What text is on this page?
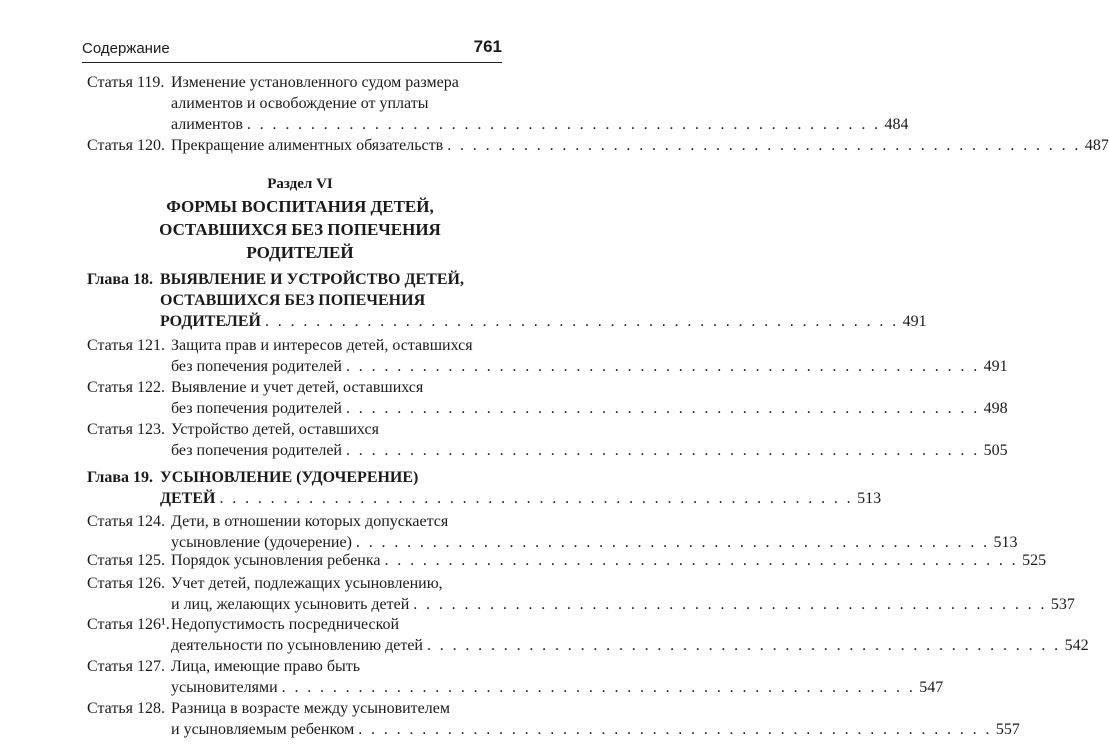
Содержание	761
Статья 119. Изменение установленного судом размера
алиментов и освобождение от уплаты
алиментов . . . . . . . . . . . . . . . . . . . . . . . . . . . . . . . . . . . . . . . . . . . . . . . . . . 484
Статья 120. Прекращение алиментных обязательств . . . . . . . . . . . . . . . . . . . . . . . . . . . . . . . . . . . . . . . . . . . . . . . . . . 487
Раздел VI
ФОРМЫ ВОСПИТАНИЯ ДЕТЕЙ,
ОСТАВШИХСЯ БЕЗ ПОПЕЧЕНИЯ
РОДИТЕЛЕЙ
Глава 18. ВЫЯВЛЕНИЕ И УСТРОЙСТВО ДЕТЕЙ,
ОСТАВШИХСЯ БЕЗ ПОПЕЧЕНИЯ
РОДИТЕЛЕЙ . . . . . . . . . . . . . . . . . . . . . . . . . . . . . . . . . . . . . . . . . . . . . . . . . . 491
Статья 121. Защита прав и интересов детей, оставшихся
без попечения родителей . . . . . . . . . . . . . . . . . . . . . . . . . . . . . . . . . . . . . . . . . . . . . . . . . . 491
Статья 122. Выявление и учет детей, оставшихся
без попечения родителей . . . . . . . . . . . . . . . . . . . . . . . . . . . . . . . . . . . . . . . . . . . . . . . . . . 498
Статья 123. Устройство детей, оставшихся
без попечения родителей . . . . . . . . . . . . . . . . . . . . . . . . . . . . . . . . . . . . . . . . . . . . . . . . . . 505
Глава 19. УСЫНОВЛЕНИЕ (УДОЧЕРЕНИЕ)
ДЕТЕЙ . . . . . . . . . . . . . . . . . . . . . . . . . . . . . . . . . . . . . . . . . . . . . . . . . . 513
Статья 124. Дети, в отношении которых допускается
усыновление (удочерение) . . . . . . . . . . . . . . . . . . . . . . . . . . . . . . . . . . . . . . . . . . . . . . . . . . 513
Статья 125. Порядок усыновления ребенка . . . . . . . . . . . . . . . . . . . . . . . . . . . . . . . . . . . . . . . . . . . . . . . . . . 525
Статья 126. Учет детей, подлежащих усыновлению,
и лиц, желающих усыновить детей . . . . . . . . . . . . . . . . . . . . . . . . . . . . . . . . . . . . . . . . . . . . . . . . . . 537
Статья 126¹. Недопустимость посреднической
деятельности по усыновлению детей . . . . . . . . . . . . . . . . . . . . . . . . . . . . . . . . . . . . . . . . . . . . . . . . . . 542
Статья 127. Лица, имеющие право быть
усыновителями . . . . . . . . . . . . . . . . . . . . . . . . . . . . . . . . . . . . . . . . . . . . . . . . . . 547
Статья 128. Разница в возрасте между усыновителем
и усыновляемым ребенком . . . . . . . . . . . . . . . . . . . . . . . . . . . . . . . . . . . . . . . . . . . . . . . . . . 557
